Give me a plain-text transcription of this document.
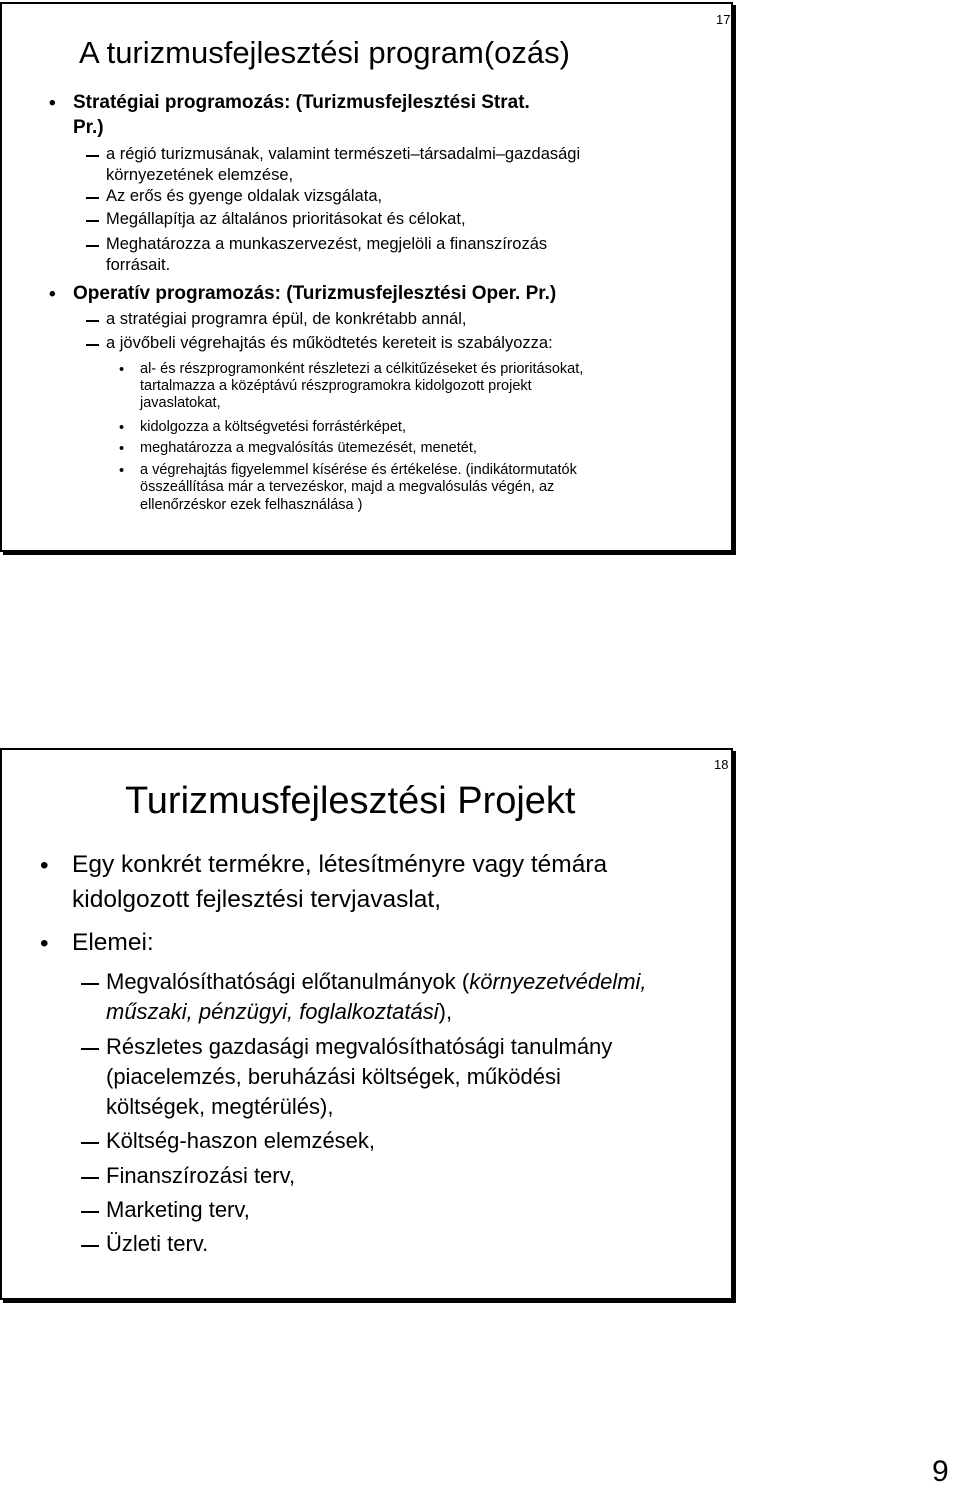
17
A turizmusfejlesztési program(ozás)
• Stratégiai programozás: (Turizmusfejlesztési Strat.
Pr.)
a régió turizmusának, valamint természeti–társadalmi–gazdasági
környezetének elemzése,
Az erős és gyenge oldalak vizsgálata,
Megállapítja az általános prioritásokat és célokat,
Meghatározza a munkaszervezést, megjelöli a finanszírozás
forrásait.
• Operatív programozás: (Turizmusfejlesztési Oper. Pr.)
a stratégiai programra épül, de konkrétabb annál,
a jövőbeli végrehajtás és működtetés kereteit is szabályozza:
• al- és részprogramonként részletezi a célkitűzéseket és prioritásokat,
tartalmazza a középtávú részprogramokra kidolgozott projekt
javaslatokat,
• kidolgozza a költségvetési forrástérképet,
• meghatározza a megvalósítás ütemezését, menetét,
• a végrehajtás figyelemmel kísérése és értékelése. (indikátormutatók
összeállítása már a tervezéskor, majd a megvalósulás végén, az
ellenőrzéskor ezek felhasználása )
18
Turizmusfejlesztési Projekt
• Egy konkrét termékre, létesítményre vagy témára
kidolgozott fejlesztési tervjavaslat,
• Elemei:
Megvalósíthatósági előtanulmányok (környezetvédelmi,
műszaki, pénzügyi, foglalkoztatási),
Részletes gazdasági megvalósíthatósági tanulmány
(piacelemzés, beruházási költségek, működési
költségek, megtérülés),
Költség-haszon elemzések,
Finanszírozási terv,
Marketing terv,
Üzleti terv.
9
